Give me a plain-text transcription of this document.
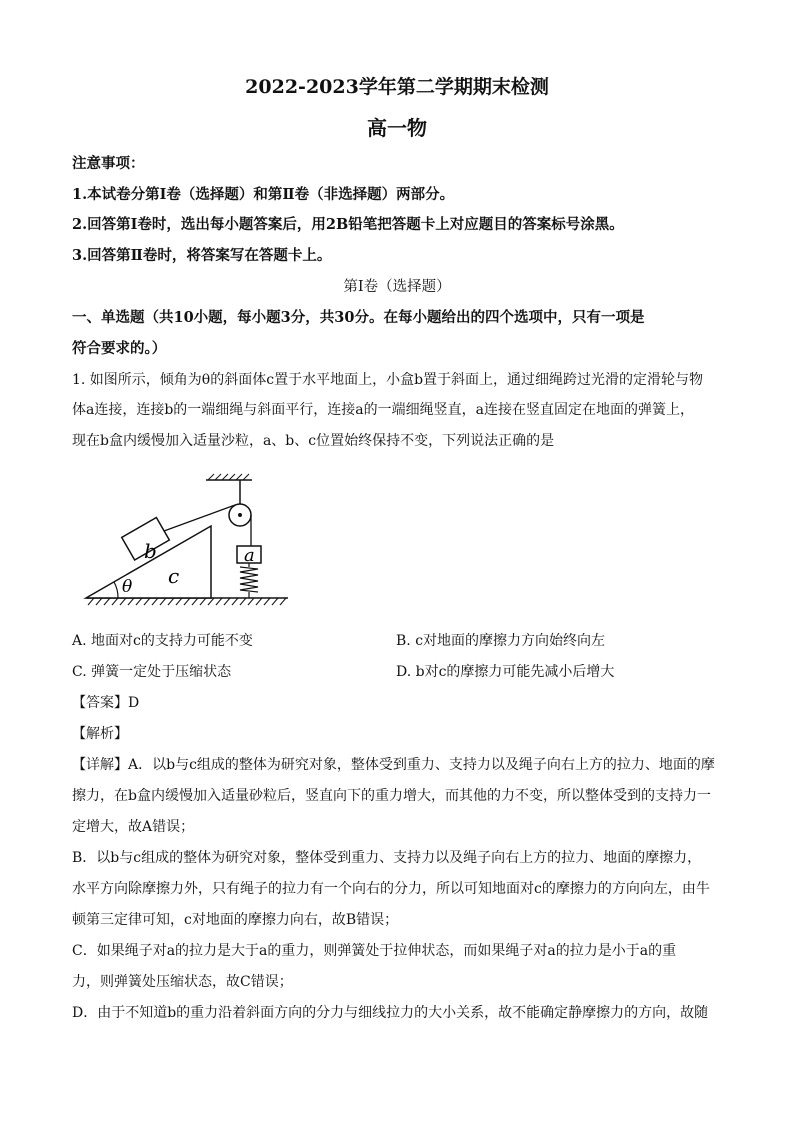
2022-2023学年第二学期期末检测
高一物
注意事项：
1.本试卷分第Ⅰ卷（选择题）和第Ⅱ卷（非选择题）两部分。
2.回答第Ⅰ卷时，选出每小题答案后，用2B铅笔把答题卡上对应题目的答案标号涂黑。
3.回答第Ⅱ卷时，将答案写在答题卡上。
第Ⅰ卷（选择题）
一、单选题（共10小题，每小题3分，共30分。在每小题给出的四个选项中，只有一项是
符合要求的。）
1. 如图所示，倾角为θ的斜面体c置于水平地面上，小盒b置于斜面上，通过细绳跨过光滑的定滑轮与物
体a连接，连接b的一端细绳与斜面平行，连接a的一端细绳竖直，a连接在竖直固定在地面的弹簧上，
现在b盒内缓慢加入适量沙粒，a、b、c位置始终保持不变，下列说法正确的是
b	a
c
θ
A. 地面对c的支持力可能不变	B. c对地面的摩擦力方向始终向左
C. 弹簧一定处于压缩状态	D. b对c的摩擦力可能先减小后增大
【答案】D
【解析】
【详解】A．以b与c组成的整体为研究对象，整体受到重力、支持力以及绳子向右上方的拉力、地面的摩
擦力，在b盒内缓慢加入适量砂粒后，竖直向下的重力增大，而其他的力不变，所以整体受到的支持力一
定增大，故A错误；
B．以b与c组成的整体为研究对象，整体受到重力、支持力以及绳子向右上方的拉力、地面的摩擦力，
水平方向除摩擦力外，只有绳子的拉力有一个向右的分力，所以可知地面对c的摩擦力的方向向左，由牛
顿第三定律可知，c对地面的摩擦力向右，故B错误；
C．如果绳子对a的拉力是大于a的重力，则弹簧处于拉伸状态，而如果绳子对a的拉力是小于a的重
力，则弹簧处压缩状态，故C错误；
D．由于不知道b的重力沿着斜面方向的分力与细线拉力的大小关系，故不能确定静摩擦力的方向，故随
